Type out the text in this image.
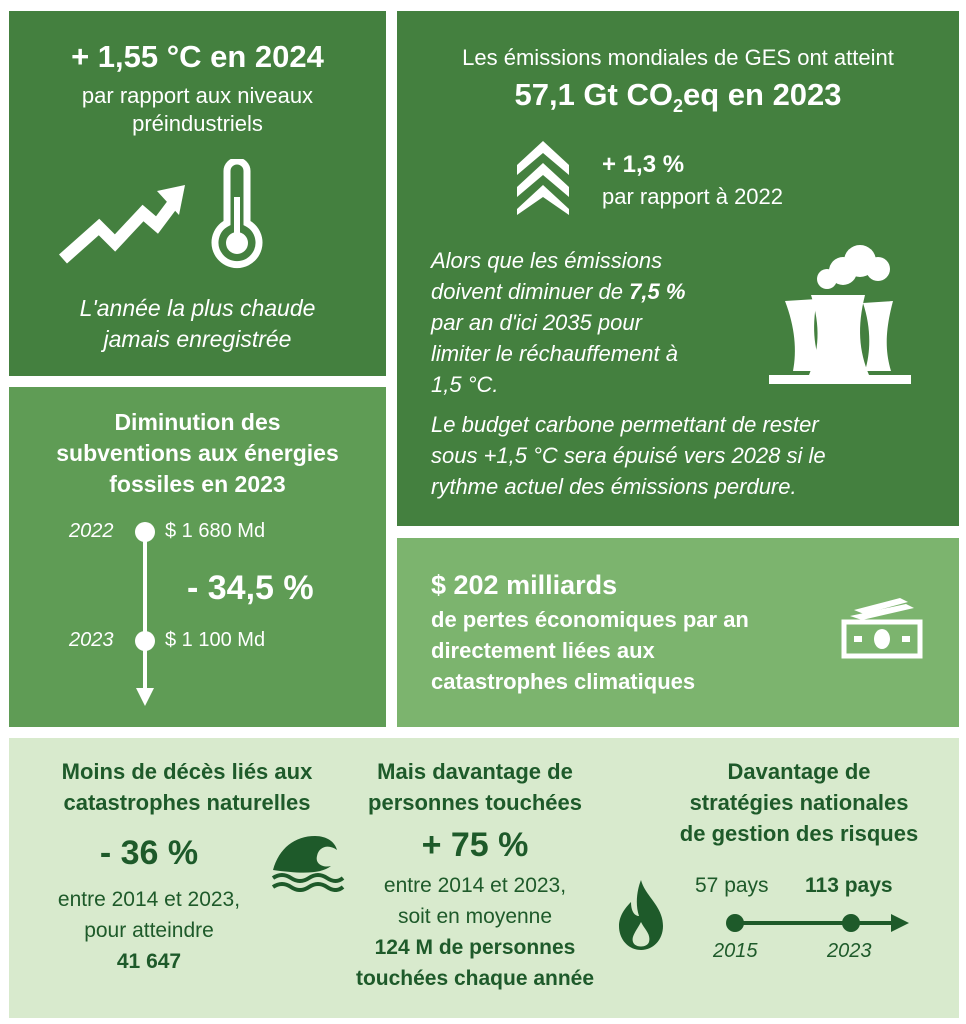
+ 1,55 °C en 2024
par rapport aux niveaux
préindustriels
L'année la plus chaude
jamais enregistrée
Les émissions mondiales de GES ont atteint
57,1 Gt $CO_2eq$ en 2023
+ 1,3 %
par rapport à 2022
Alors que les émissions
doivent diminuer de 7,5 %
par an d'ici 2035 pour
limiter le réchauffement à
1,5 °C.
Le budget carbone permettant de rester
sous +1,5 °C sera épuisé vers 2028 si le
rythme actuel des émissions perdure.
Diminution des
subventions aux énergies
fossiles en 2023
2022	$ 1 680 Md
- 34,5 %
2023	$ 1 100 Md
$ 202 milliards
de pertes économiques par an
directement liées aux
catastrophes climatiques
Moins de décès liés aux
catastrophes naturelles
- 36 %
entre 2014 et 2023,
pour atteindre
41 647
Mais davantage de
personnes touchées
+ 75 %
entre 2014 et 2023,
soit en moyenne
124 M de personnes
touchées chaque année
Davantage de
stratégies nationales
de gestion des risques
57 pays 113 pays
2015	2023
